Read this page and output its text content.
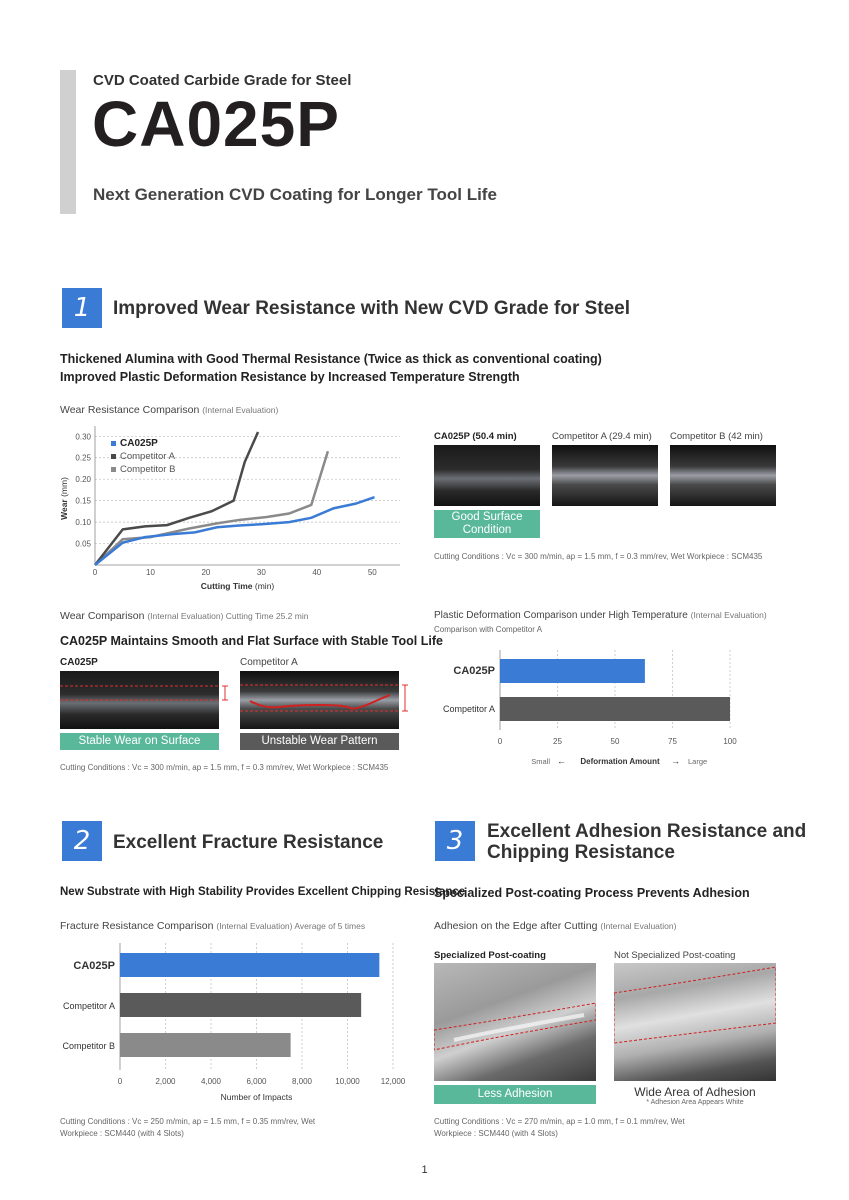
CVD Coated Carbide Grade for Steel
CA025P
Next Generation CVD Coating for Longer Tool Life
1	Improved Wear Resistance with New CVD Grade for Steel
Thickened Alumina with Good Thermal Resistance (Twice as thick as conventional coating)
Improved Plastic Deformation Resistance by Increased Temperature Strength
Wear Resistance Comparison (Internal Evaluation)
0.05
0.10
0.15
0.20
0.25
0.30
0	10	20	30	40	50
Cutting Time (min)
Wear (mm)
CA025P
Competitor A
Competitor B
CA025P (50.4 min)	Competitor A (29.4 min) Competitor B (42 min)
Good Surface Condition
Cutting Conditions : Vc = 300 m/min, ap = 1.5 mm, f = 0.3 mm/rev, Wet Workpiece : SCM435
Wear Comparison (Internal Evaluation) Cutting Time 25.2 min
CA025P Maintains Smooth and Flat Surface with Stable Tool Life
CA025P	Competitor A
Stable Wear on Surface	Unstable Wear Pattern
Cutting Conditions : Vc = 300 m/min, ap = 1.5 mm, f = 0.3 mm/rev, Wet Workpiece : SCM435
Plastic Deformation Comparison under High Temperature (Internal Evaluation)
Comparison with Competitor A
0	25	50	75	100
CA025P
Competitor A
Small ← Deformation Amount → Large
2	Excellent Fracture Resistance
New Substrate with High Stability Provides Excellent Chipping Resistance
Fracture Resistance Comparison (Internal Evaluation) Average of 5 times
0	2,000	4,000	6,000	8,000	10,000	12,000
CA025P
Competitor A
Competitor B
Number of Impacts
Cutting Conditions : Vc = 250 m/min, ap = 1.5 mm, f = 0.35 mm/rev, Wet
Workpiece : SCM440 (with 4 Slots)
3	Excellent Adhesion Resistance and
Chipping Resistance
Specialized Post-coating Process Prevents Adhesion
Adhesion on the Edge after Cutting (Internal Evaluation)
Specialized Post-coating	Not Specialized Post-coating
Less Adhesion	Wide Area of Adhesion
* Adhesion Area Appears White
Cutting Conditions : Vc = 270 m/min, ap = 1.0 mm, f = 0.1 mm/rev, Wet
Workpiece : SCM440 (with 4 Slots)
1
